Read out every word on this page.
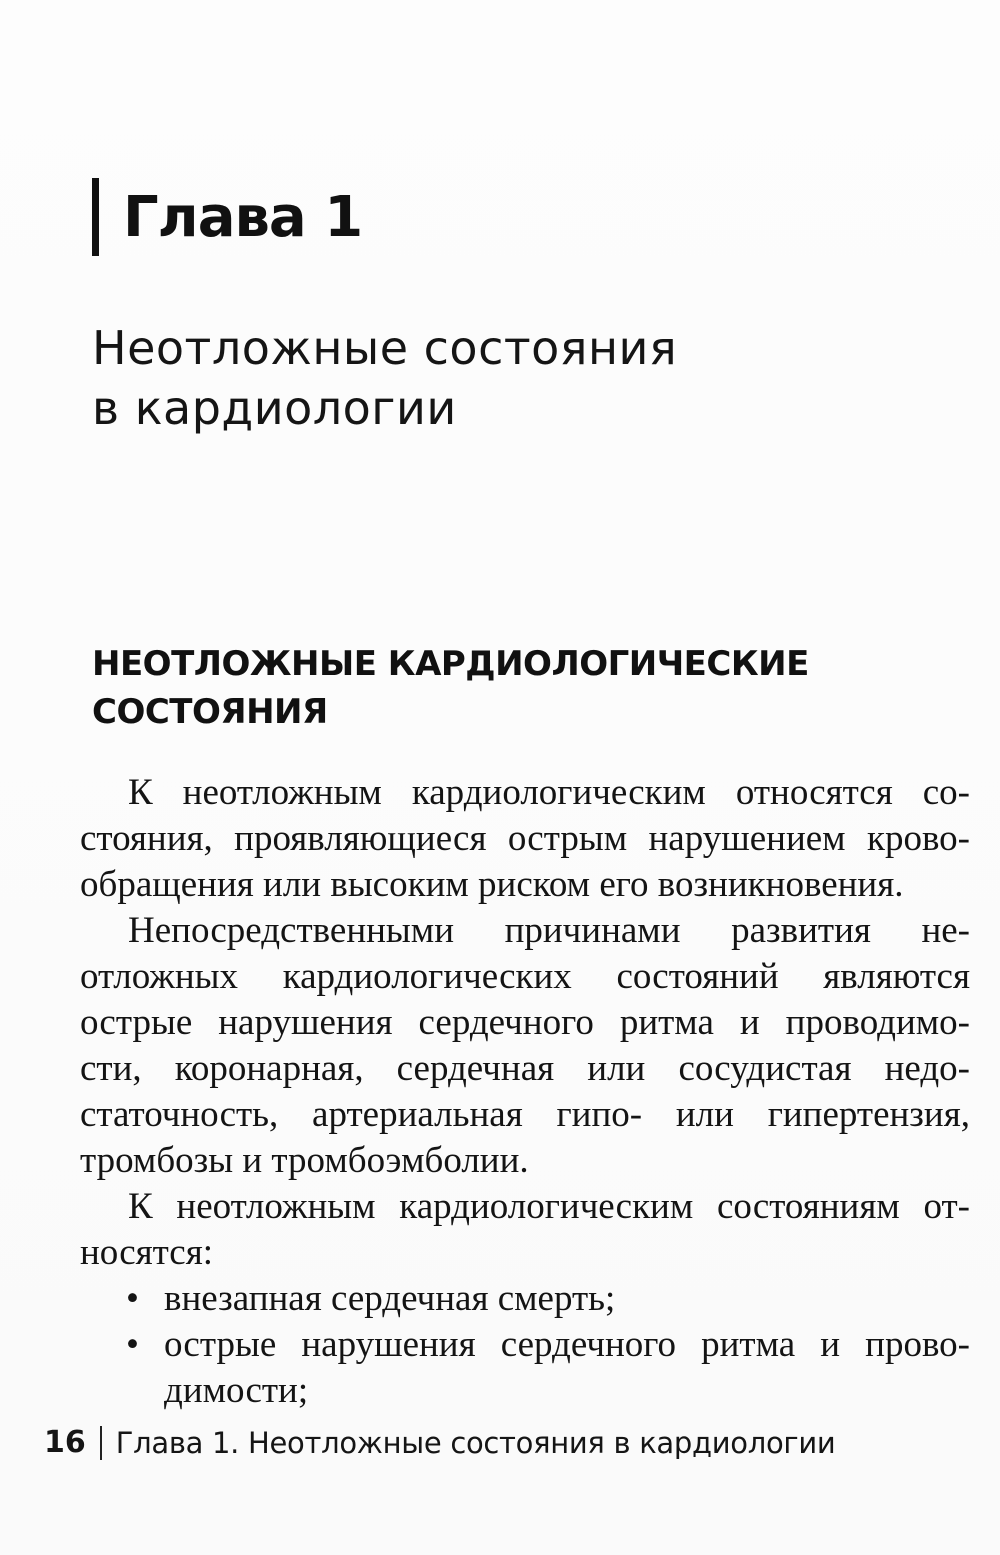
Глава 1
Неотложные состояния
в кардиологии
НЕОТЛОЖНЫЕ КАРДИОЛОГИЧЕСКИЕ
СОСТОЯНИЯ
К неотложным кардиологическим относятся со-
стояния, проявляющиеся острым нарушением крово-
обращения или высоким риском его возникновения.
Непосредственными причинами развития не-
отложных кардиологических состояний являются
острые нарушения сердечного ритма и проводимо-
сти, коронарная, сердечная или сосудистая недо-
статочность, артериальная гипо- или гипертензия,
тромбозы и тромбоэмболии.
К неотложным кардиологическим состояниям от-
носятся:
• внезапная сердечная смерть;
• острые нарушения сердечного ритма и прово-
димости;
16 Глава 1. Неотложные состояния в кардиологии
